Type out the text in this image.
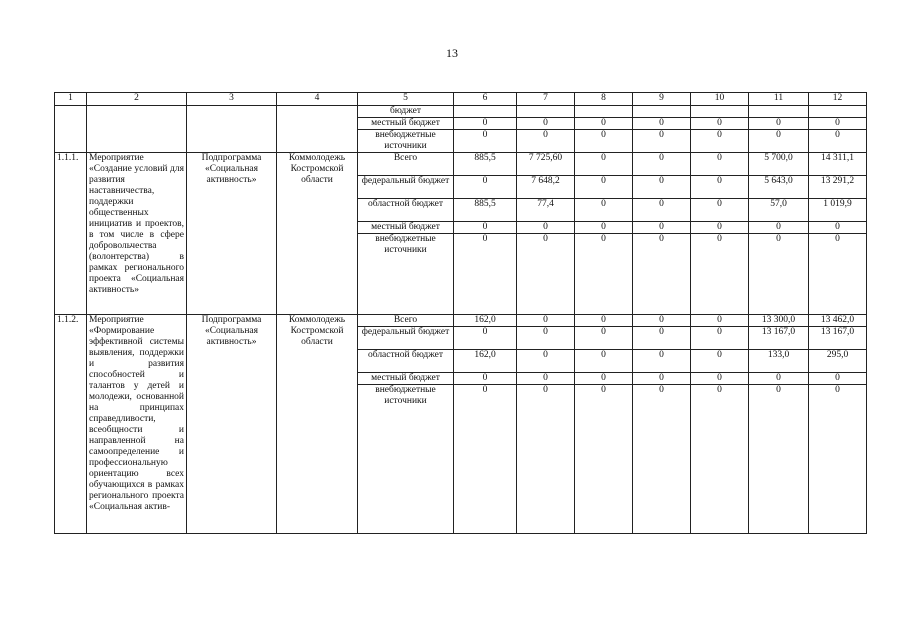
13
1	2	3	4	5	6	7	8	9	10	11	12
				бюджет							
				местный бюджет	0	0	0	0	0	0	0
				внебюджетные источники	0	0	0	0	0	0	0
1.1.1.	Мероприятие «Создание условий для развития наставничества, поддержки общественных инициатив и проектов, в том числе в сфере добровольчества (волонтерства) в рамках регионального проекта «Социальная активность»	Подпрограмма «Социальная активность»	Коммолодежь Костромской области	Всего	885,5	7 725,60	0	0	0	5 700,0	14 311,1
				федеральный бюджет	0	7 648,2	0	0	0	5 643,0	13 291,2
				областной бюджет	885,5	77,4	0	0	0	57,0	1 019,9
				местный бюджет	0	0	0	0	0	0	0
				внебюджетные источники	0	0	0	0	0	0	0
1.1.2.	Мероприятие «Формирование эффективной системы выявления, поддержки и развития способностей и талантов у детей и молодежи, основанной на принципах справедливости, всеобщности и направленной на самоопределение и профессиональную ориентацию всех обучающихся в рамках регионального проекта «Социальная актив-	Подпрограмма «Социальная активность»	Коммолодежь Костромской области	Всего	162,0	0	0	0	0	13 300,0	13 462,0
				федеральный бюджет	0	0	0	0	0	13 167,0	13 167,0
				областной бюджет	162,0	0	0	0	0	133,0	295,0
				местный бюджет	0	0	0	0	0	0	0
				внебюджетные источники	0	0	0	0	0	0	0
